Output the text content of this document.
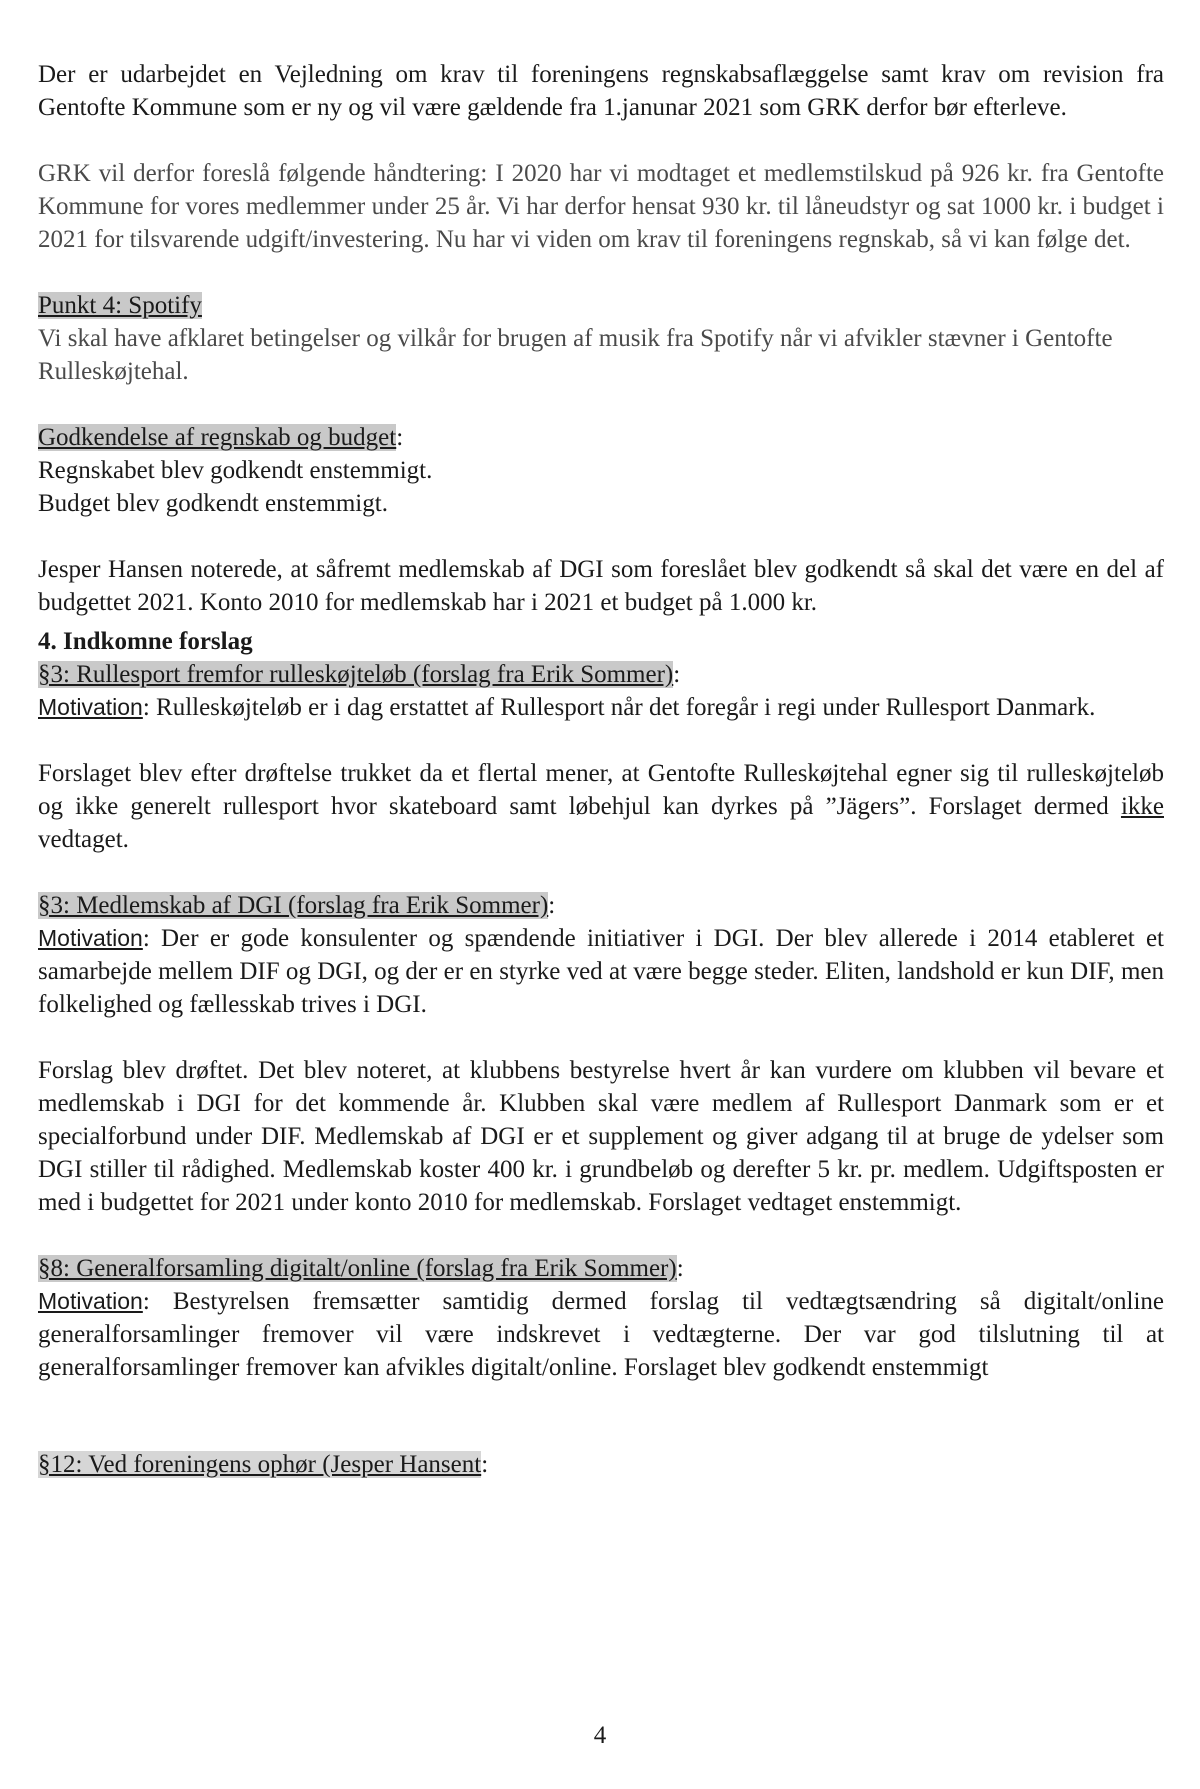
Der er udarbejdet en Vejledning om krav til foreningens regnskabsaflæggelse samt krav om revision fra Gentofte Kommune som er ny og vil være gældende fra 1.janunar 2021 som GRK derfor bør efterleve.

GRK vil derfor foreslå følgende håndtering: I 2020 har vi modtaget et medlemstilskud på 926 kr. fra Gentofte Kommune for vores medlemmer under 25 år. Vi har derfor hensat 930 kr. til låneudstyr og sat 1000 kr. i budget i 2021 for tilsvarende udgift/investering. Nu har vi viden om krav til foreningens regnskab, så vi kan følge det.

Punkt 4: Spotify

Vi skal have afklaret betingelser og vilkår for brugen af musik fra Spotify når vi afvikler stævner i Gentofte Rulleskøjtehal.

Godkendelse af regnskab og budget:

Regnskabet blev godkendt enstemmigt.

Budget blev godkendt enstemmigt.

Jesper Hansen noterede, at såfremt medlemskab af DGI som foreslået blev godkendt så skal det være en del af budgettet 2021. Konto 2010 for medlemskab har i 2021 et budget på 1.000 kr.

4. Indkomne forslag

§3: Rullesport fremfor rulleskøjteløb (forslag fra Erik Sommer):

Motivation: Rulleskøjteløb er i dag erstattet af Rullesport når det foregår i regi under Rullesport Danmark.

Forslaget blev efter drøftelse trukket da et flertal mener, at Gentofte Rulleskøjtehal egner sig til rulleskøjteløb og ikke generelt rullesport hvor skateboard samt løbehjul kan dyrkes på ”Jägers”. Forslaget dermed ikke vedtaget.

§3: Medlemskab af DGI (forslag fra Erik Sommer):

Motivation: Der er gode konsulenter og spændende initiativer i DGI. Der blev allerede i 2014 etableret et samarbejde mellem DIF og DGI, og der er en styrke ved at være begge steder. Eliten, landshold er kun DIF, men folkelighed og fællesskab trives i DGI.

Forslag blev drøftet. Det blev noteret, at klubbens bestyrelse hvert år kan vurdere om klubben vil bevare et medlemskab i DGI for det kommende år. Klubben skal være medlem af Rullesport Danmark som er et specialforbund under DIF. Medlemskab af DGI er et supplement og giver adgang til at bruge de ydelser som DGI stiller til rådighed. Medlemskab koster 400 kr. i grundbeløb og derefter 5 kr. pr. medlem. Udgiftsposten er med i budgettet for 2021 under konto 2010 for medlemskab. Forslaget vedtaget enstemmigt.

§8: Generalforsamling digitalt/online (forslag fra Erik Sommer):

Motivation: Bestyrelsen fremsætter samtidig dermed forslag til vedtægtsændring så digitalt/online generalforsamlinger fremover vil være indskrevet i vedtægterne. Der var god tilslutning til at generalforsamlinger fremover kan afvikles digitalt/online. Forslaget blev godkendt enstemmigt

§12: Ved foreningens ophør (Jesper Hansent:

4
